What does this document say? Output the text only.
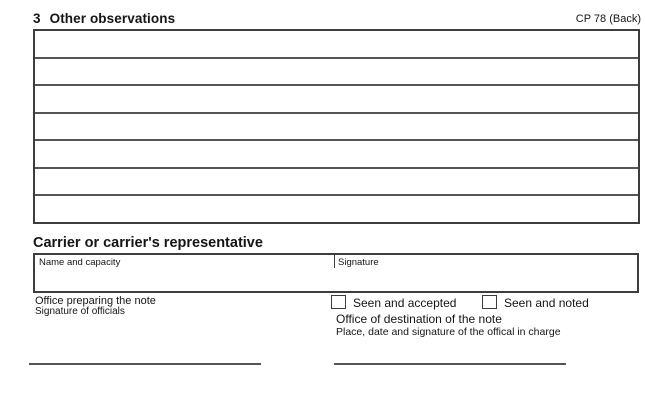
3 Other observations	CP 78 (Back)
Carrier or carrier's representative
Name and capacity	Signature
Office preparing the note
Signature of officials
Seen and accepted	Seen and noted
Office of destination of the note
Place, date and signature of the offical in charge
